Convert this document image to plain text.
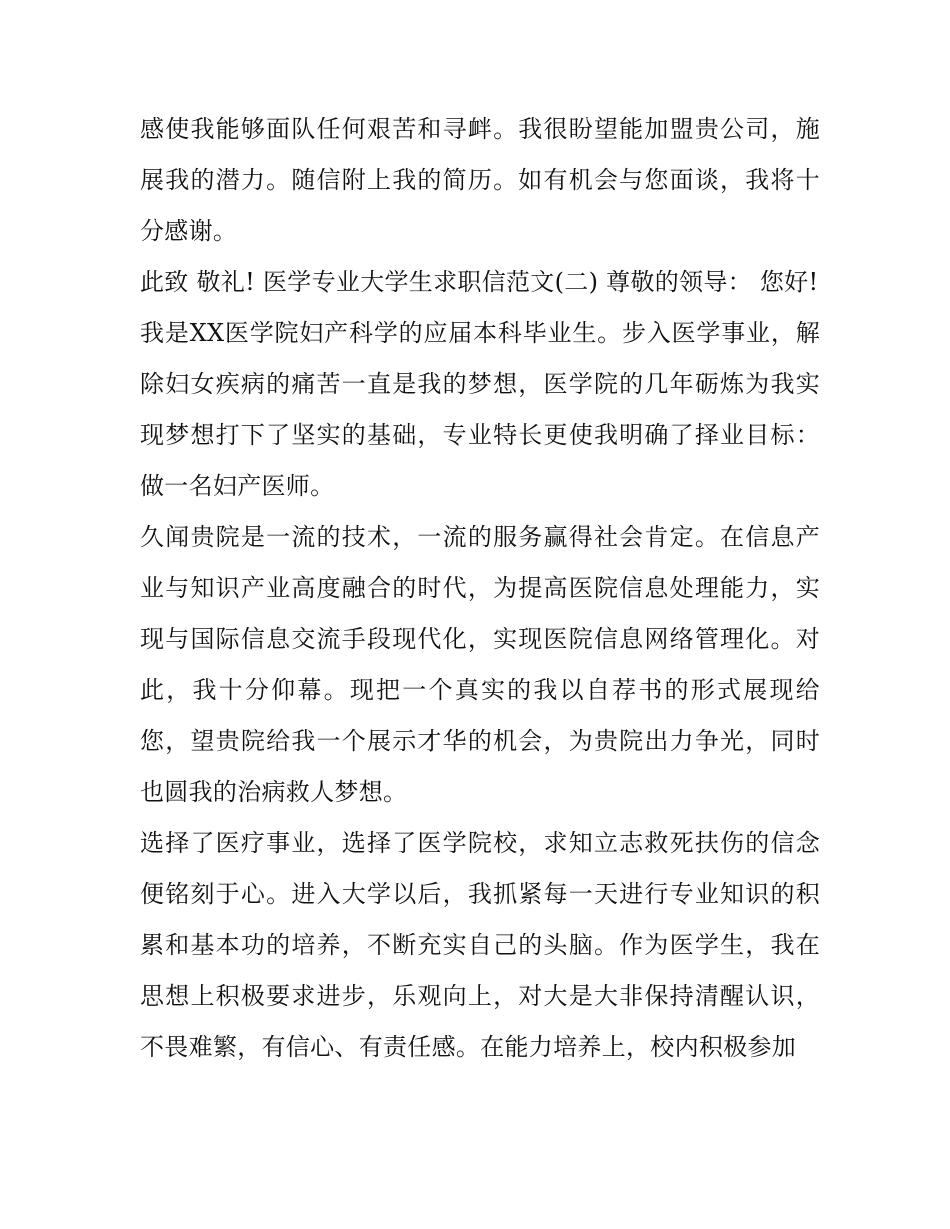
感使我能够面队任何艰苦和寻衅。我很盼望能加盟贵公司，施展我的潜力。随信附上我的简历。如有机会与您面谈，我将十分感谢。

此致 敬礼! 医学专业大学生求职信范文(二) 尊敬的领导： 您好!

我是XX医学院妇产科学的应届本科毕业生。步入医学事业，解除妇女疾病的痛苦一直是我的梦想，医学院的几年砺炼为我实现梦想打下了坚实的基础，专业特长更使我明确了择业目标：做一名妇产医师。

久闻贵院是一流的技术，一流的服务赢得社会肯定。在信息产业与知识产业高度融合的时代，为提高医院信息处理能力，实现与国际信息交流手段现代化，实现医院信息网络管理化。对此，我十分仰幕。现把一个真实的我以自荐书的形式展现给您，望贵院给我一个展示才华的机会，为贵院出力争光，同时也圆我的治病救人梦想。

选择了医疗事业，选择了医学院校，求知立志救死扶伤的信念便铭刻于心。进入大学以后，我抓紧每一天进行专业知识的积累和基本功的培养，不断充实自己的头脑。作为医学生，我在思想上积极要求进步，乐观向上，对大是大非保持清醒认识，不畏难繁，有信心、有责任感。在能力培养上，校内积极参加
